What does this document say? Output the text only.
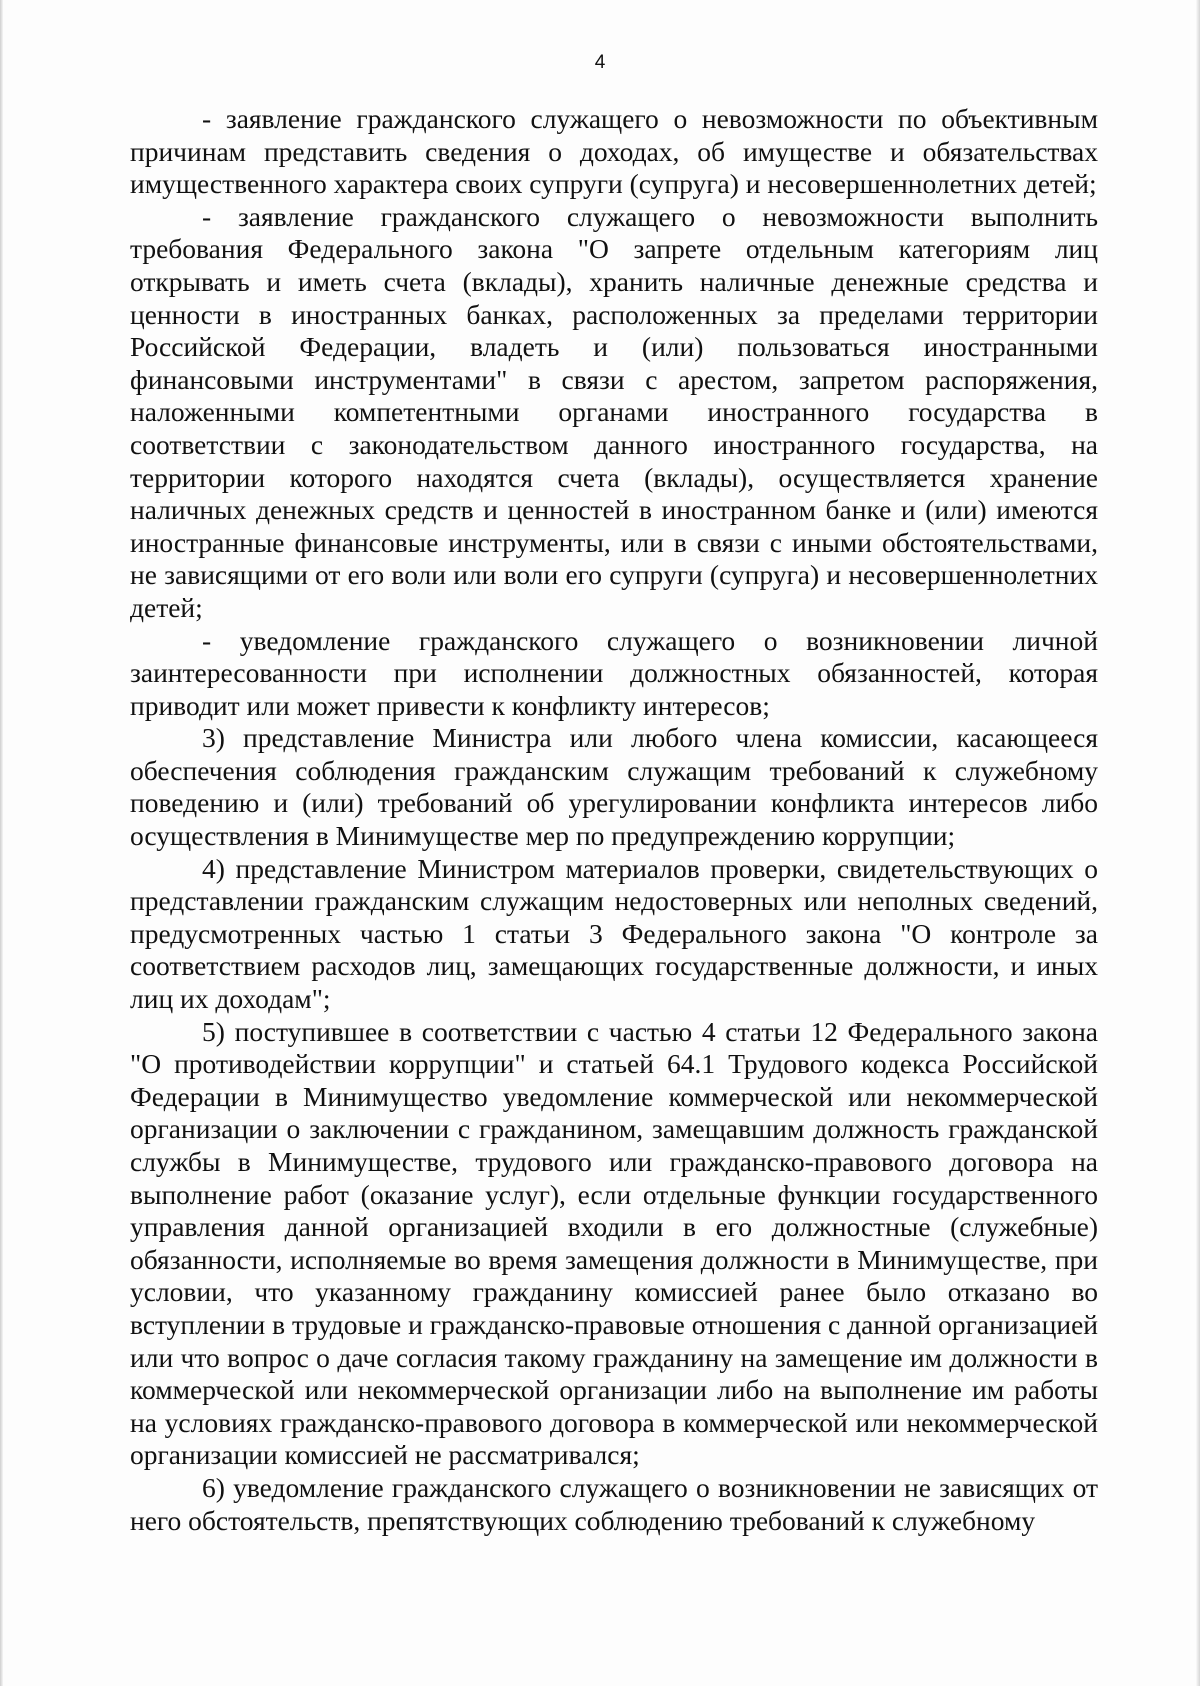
4

- заявление гражданского служащего о невозможности по объективным причинам представить сведения о доходах, об имуществе и обязательствах имущественного характера своих супруги (супруга) и несовершеннолетних детей;

- заявление гражданского служащего о невозможности выполнить требования Федерального закона "О запрете отдельным категориям лиц открывать и иметь счета (вклады), хранить наличные денежные средства и ценности в иностранных банках, расположенных за пределами территории Российской Федерации, владеть и (или) пользоваться иностранными финансовыми инструментами" в связи с арестом, запретом распоряжения, наложенными компетентными органами иностранного государства в соответствии с законодательством данного иностранного государства, на территории которого находятся счета (вклады), осуществляется хранение наличных денежных средств и ценностей в иностранном банке и (или) имеются иностранные финансовые инструменты, или в связи с иными обстоятельствами, не зависящими от его воли или воли его супруги (супруга) и несовершеннолетних детей;

- уведомление гражданского служащего о возникновении личной заинтересованности при исполнении должностных обязанностей, которая приводит или может привести к конфликту интересов;

3) представление Министра или любого члена комиссии, касающееся обеспечения соблюдения гражданским служащим требований к служебному поведению и (или) требований об урегулировании конфликта интересов либо осуществления в Минимуществе мер по предупреждению коррупции;

4) представление Министром материалов проверки, свидетельствующих о представлении гражданским служащим недостоверных или неполных сведений, предусмотренных частью 1 статьи 3 Федерального закона "О контроле за соответствием расходов лиц, замещающих государственные должности, и иных лиц их доходам";

5) поступившее в соответствии с частью 4 статьи 12 Федерального закона "О противодействии коррупции" и статьей 64.1 Трудового кодекса Российской Федерации в Минимущество уведомление коммерческой или некоммерческой организации о заключении с гражданином, замещавшим должность гражданской службы в Минимуществе, трудового или гражданско-правового договора на выполнение работ (оказание услуг), если отдельные функции государственного управления данной организацией входили в его должностные (служебные) обязанности, исполняемые во время замещения должности в Минимуществе, при условии, что указанному гражданину комиссией ранее было отказано во вступлении в трудовые и гражданско-правовые отношения с данной организацией или что вопрос о даче согласия такому гражданину на замещение им должности в коммерческой или некоммерческой организации либо на выполнение им работы на условиях гражданско-правового договора в коммерческой или некоммерческой организации комиссией не рассматривался;

6) уведомление гражданского служащего о возникновении не зависящих от него обстоятельств, препятствующих соблюдению требований к служебному
